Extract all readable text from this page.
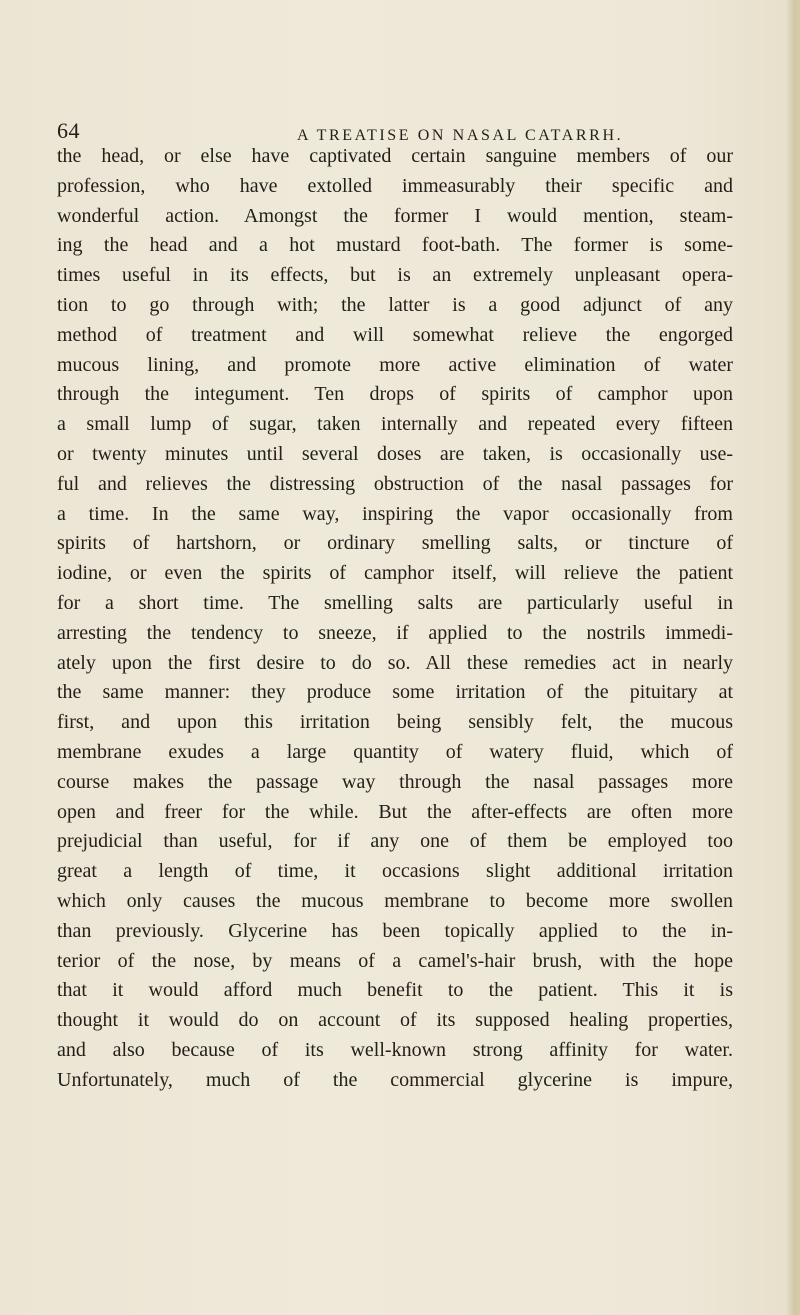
64	A TREATISE ON NASAL CATARRH.
the head, or else have captivated certain sanguine members of our
profession, who have extolled immeasurably their specific and
wonderful action. Amongst the former I would mention, steam-
ing the head and a hot mustard foot-bath. The former is some-
times useful in its effects, but is an extremely unpleasant opera-
tion to go through with; the latter is a good adjunct of any
method of treatment and will somewhat relieve the engorged
mucous lining, and promote more active elimination of water
through the integument. Ten drops of spirits of camphor upon
a small lump of sugar, taken internally and repeated every fifteen
or twenty minutes until several doses are taken, is occasionally use-
ful and relieves the distressing obstruction of the nasal passages for
a time. In the same way, inspiring the vapor occasionally from
spirits of hartshorn, or ordinary smelling salts, or tincture of
iodine, or even the spirits of camphor itself, will relieve the patient
for a short time. The smelling salts are particularly useful in
arresting the tendency to sneeze, if applied to the nostrils immedi-
ately upon the first desire to do so. All these remedies act in nearly
the same manner: they produce some irritation of the pituitary at
first, and upon this irritation being sensibly felt, the mucous
membrane exudes a large quantity of watery fluid, which of
course makes the passage way through the nasal passages more
open and freer for the while. But the after-effects are often more
prejudicial than useful, for if any one of them be employed too
great a length of time, it occasions slight additional irritation
which only causes the mucous membrane to become more swollen
than previously. Glycerine has been topically applied to the in-
terior of the nose, by means of a camel's-hair brush, with the hope
that it would afford much benefit to the patient. This it is
thought it would do on account of its supposed healing properties,
and also because of its well-known strong affinity for water.
Unfortunately, much of the commercial glycerine is impure,
